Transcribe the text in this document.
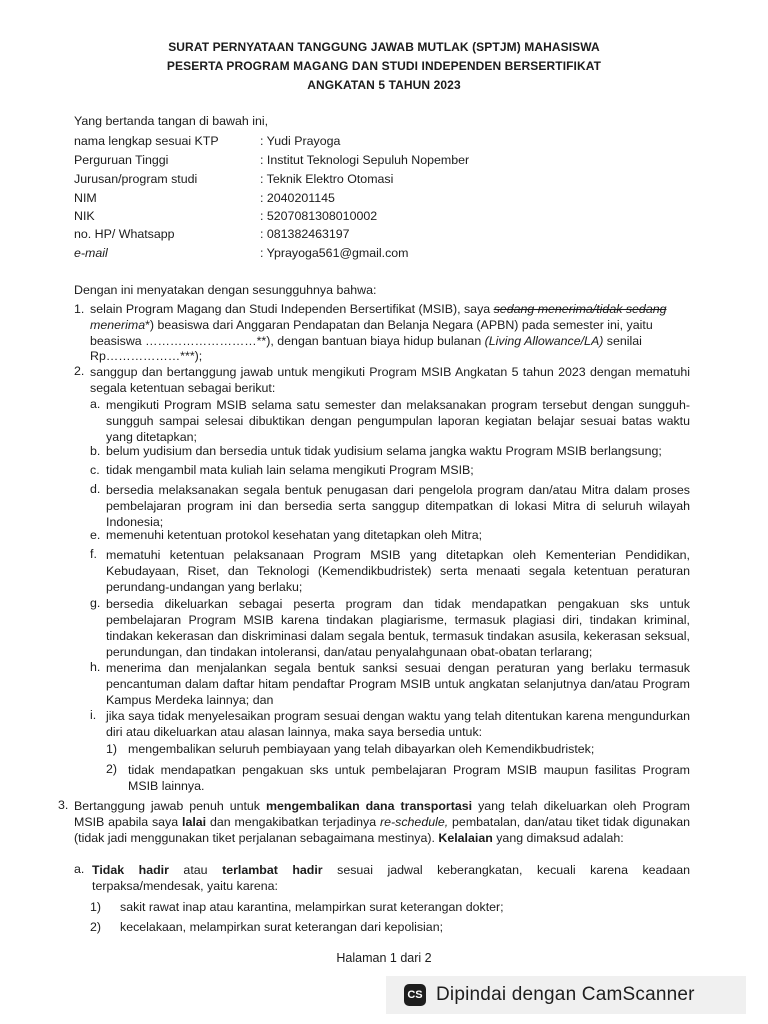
SURAT PERNYATAAN TANGGUNG JAWAB MUTLAK (SPTJM) MAHASISWA
PESERTA PROGRAM MAGANG DAN STUDI INDEPENDEN BERSERTIFIKAT
ANGKATAN 5 TAHUN 2023
Yang bertanda tangan di bawah ini,
nama lengkap sesuai KTP	: Yudi Prayoga
Perguruan Tinggi	: Institut Teknologi Sepuluh Nopember
Jurusan/program studi	: Teknik Elektro Otomasi
NIM	: 2040201145
NIK	: 5207081308010002
no. HP/ Whatsapp	: 081382463197
e-mail	: Yprayoga561@gmail.com
Dengan ini menyatakan dengan sesungguhnya bahwa:
1. selain Program Magang dan Studi Independen Bersertifikat (MSIB), saya sedang menerima/tidak sedang
menerima*) beasiswa dari Anggaran Pendapatan dan Belanja Negara (APBN) pada semester ini, yaitu
beasiswa ………………………**), dengan bantuan biaya hidup bulanan (Living Allowance/LA) senilai
Rp………………***);
2. sanggup dan bertanggung jawab untuk mengikuti Program MSIB Angkatan 5 tahun 2023 dengan mematuhi segala ketentuan sebagai berikut:
a. mengikuti Program MSIB selama satu semester dan melaksanakan program tersebut dengan sungguh-sungguh sampai selesai dibuktikan dengan pengumpulan laporan kegiatan belajar sesuai batas waktu yang ditetapkan;
b. belum yudisium dan bersedia untuk tidak yudisium selama jangka waktu Program MSIB berlangsung;
c. tidak mengambil mata kuliah lain selama mengikuti Program MSIB;
d. bersedia melaksanakan segala bentuk penugasan dari pengelola program dan/atau Mitra dalam proses pembelajaran program ini dan bersedia serta sanggup ditempatkan di lokasi Mitra di seluruh wilayah Indonesia;
e. memenuhi ketentuan protokol kesehatan yang ditetapkan oleh Mitra;
f. mematuhi ketentuan pelaksanaan Program MSIB yang ditetapkan oleh Kementerian Pendidikan, Kebudayaan, Riset, dan Teknologi (Kemendikbudristek) serta menaati segala ketentuan peraturan perundang-undangan yang berlaku;
g. bersedia dikeluarkan sebagai peserta program dan tidak mendapatkan pengakuan sks untuk pembelajaran Program MSIB karena tindakan plagiarisme, termasuk plagiasi diri, tindakan kriminal, tindakan kekerasan dan diskriminasi dalam segala bentuk, termasuk tindakan asusila, kekerasan seksual, perundungan, dan tindakan intoleransi, dan/atau penyalahgunaan obat-obatan terlarang;
h. menerima dan menjalankan segala bentuk sanksi sesuai dengan peraturan yang berlaku termasuk pencantuman dalam daftar hitam pendaftar Program MSIB untuk angkatan selanjutnya dan/atau Program Kampus Merdeka lainnya; dan
i. jika saya tidak menyelesaikan program sesuai dengan waktu yang telah ditentukan karena mengundurkan diri atau dikeluarkan atau alasan lainnya, maka saya bersedia untuk:
1) mengembalikan seluruh pembiayaan yang telah dibayarkan oleh Kemendikbudristek;
2) tidak mendapatkan pengakuan sks untuk pembelajaran Program MSIB maupun fasilitas Program MSIB lainnya.
3. Bertanggung jawab penuh untuk mengembalikan dana transportasi yang telah dikeluarkan oleh Program MSIB apabila saya lalai dan mengakibatkan terjadinya re-schedule, pembatalan, dan/atau tiket tidak digunakan (tidak jadi menggunakan tiket perjalanan sebagaimana mestinya). Kelalaian yang dimaksud adalah:
a. Tidak hadir atau terlambat hadir sesuai jadwal keberangkatan, kecuali karena keadaan terpaksa/mendesak, yaitu karena:
1) sakit rawat inap atau karantina, melampirkan surat keterangan dokter;
2) kecelakaan, melampirkan surat keterangan dari kepolisian;
Halaman 1 dari 2
CS Dipindai dengan CamScanner
